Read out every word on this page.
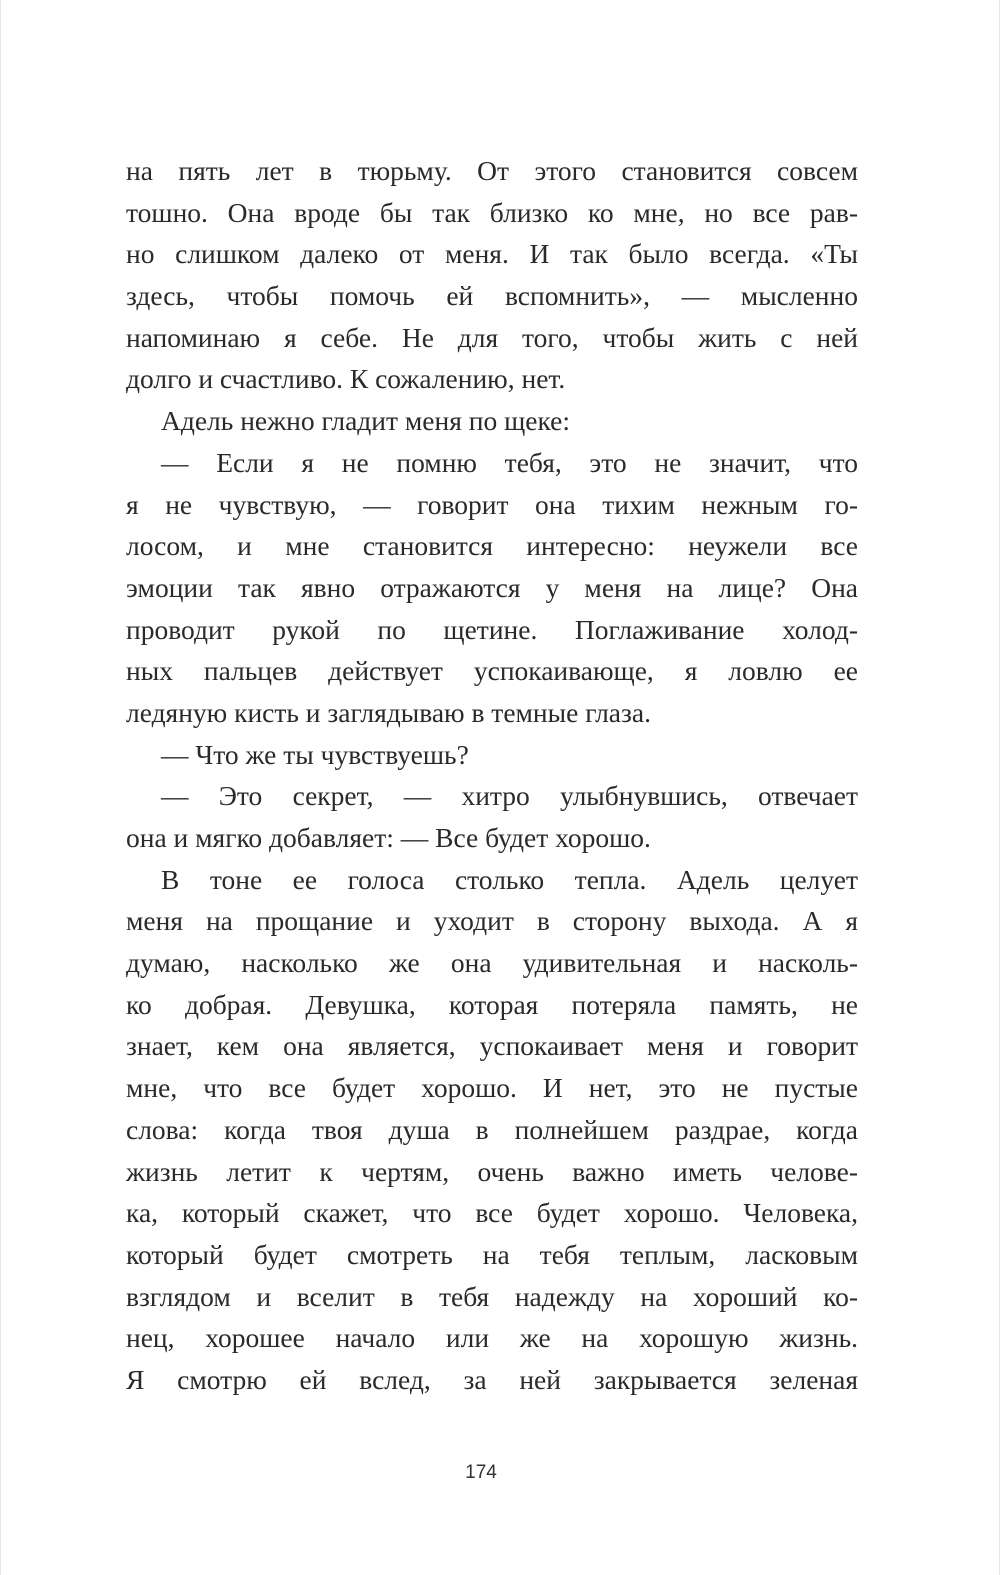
на пять лет в тюрьму. От этого становится совсем
тошно. Она вроде бы так близко ко мне, но все рав-
но слишком далеко от меня. И так было всегда. «Ты
здесь, чтобы помочь ей вспомнить», — мысленно
напоминаю я себе. Не для того, чтобы жить с ней
долго и счастливо. К сожалению, нет.
Адель нежно гладит меня по щеке:
— Если я не помню тебя, это не значит, что
я не чувствую, — говорит она тихим нежным го-
лосом, и мне становится интересно: неужели все
эмоции так явно отражаются у меня на лице? Она
проводит рукой по щетине. Поглаживание холод-
ных пальцев действует успокаивающе, я ловлю ее
ледяную кисть и заглядываю в темные глаза.
— Что же ты чувствуешь?
— Это секрет, — хитро улыбнувшись, отвечает
она и мягко добавляет: — Все будет хорошо.
В тоне ее голоса столько тепла. Адель целует
меня на прощание и уходит в сторону выхода. А я
думаю, насколько же она удивительная и насколь-
ко добрая. Девушка, которая потеряла память, не
знает, кем она является, успокаивает меня и говорит
мне, что все будет хорошо. И нет, это не пустые
слова: когда твоя душа в полнейшем раздрае, когда
жизнь летит к чертям, очень важно иметь челове-
ка, который скажет, что все будет хорошо. Человека,
который будет смотреть на тебя теплым, ласковым
взглядом и вселит в тебя надежду на хороший ко-
нец, хорошее начало или же на хорошую жизнь.
Я смотрю ей вслед, за ней закрывается зеленая
174
